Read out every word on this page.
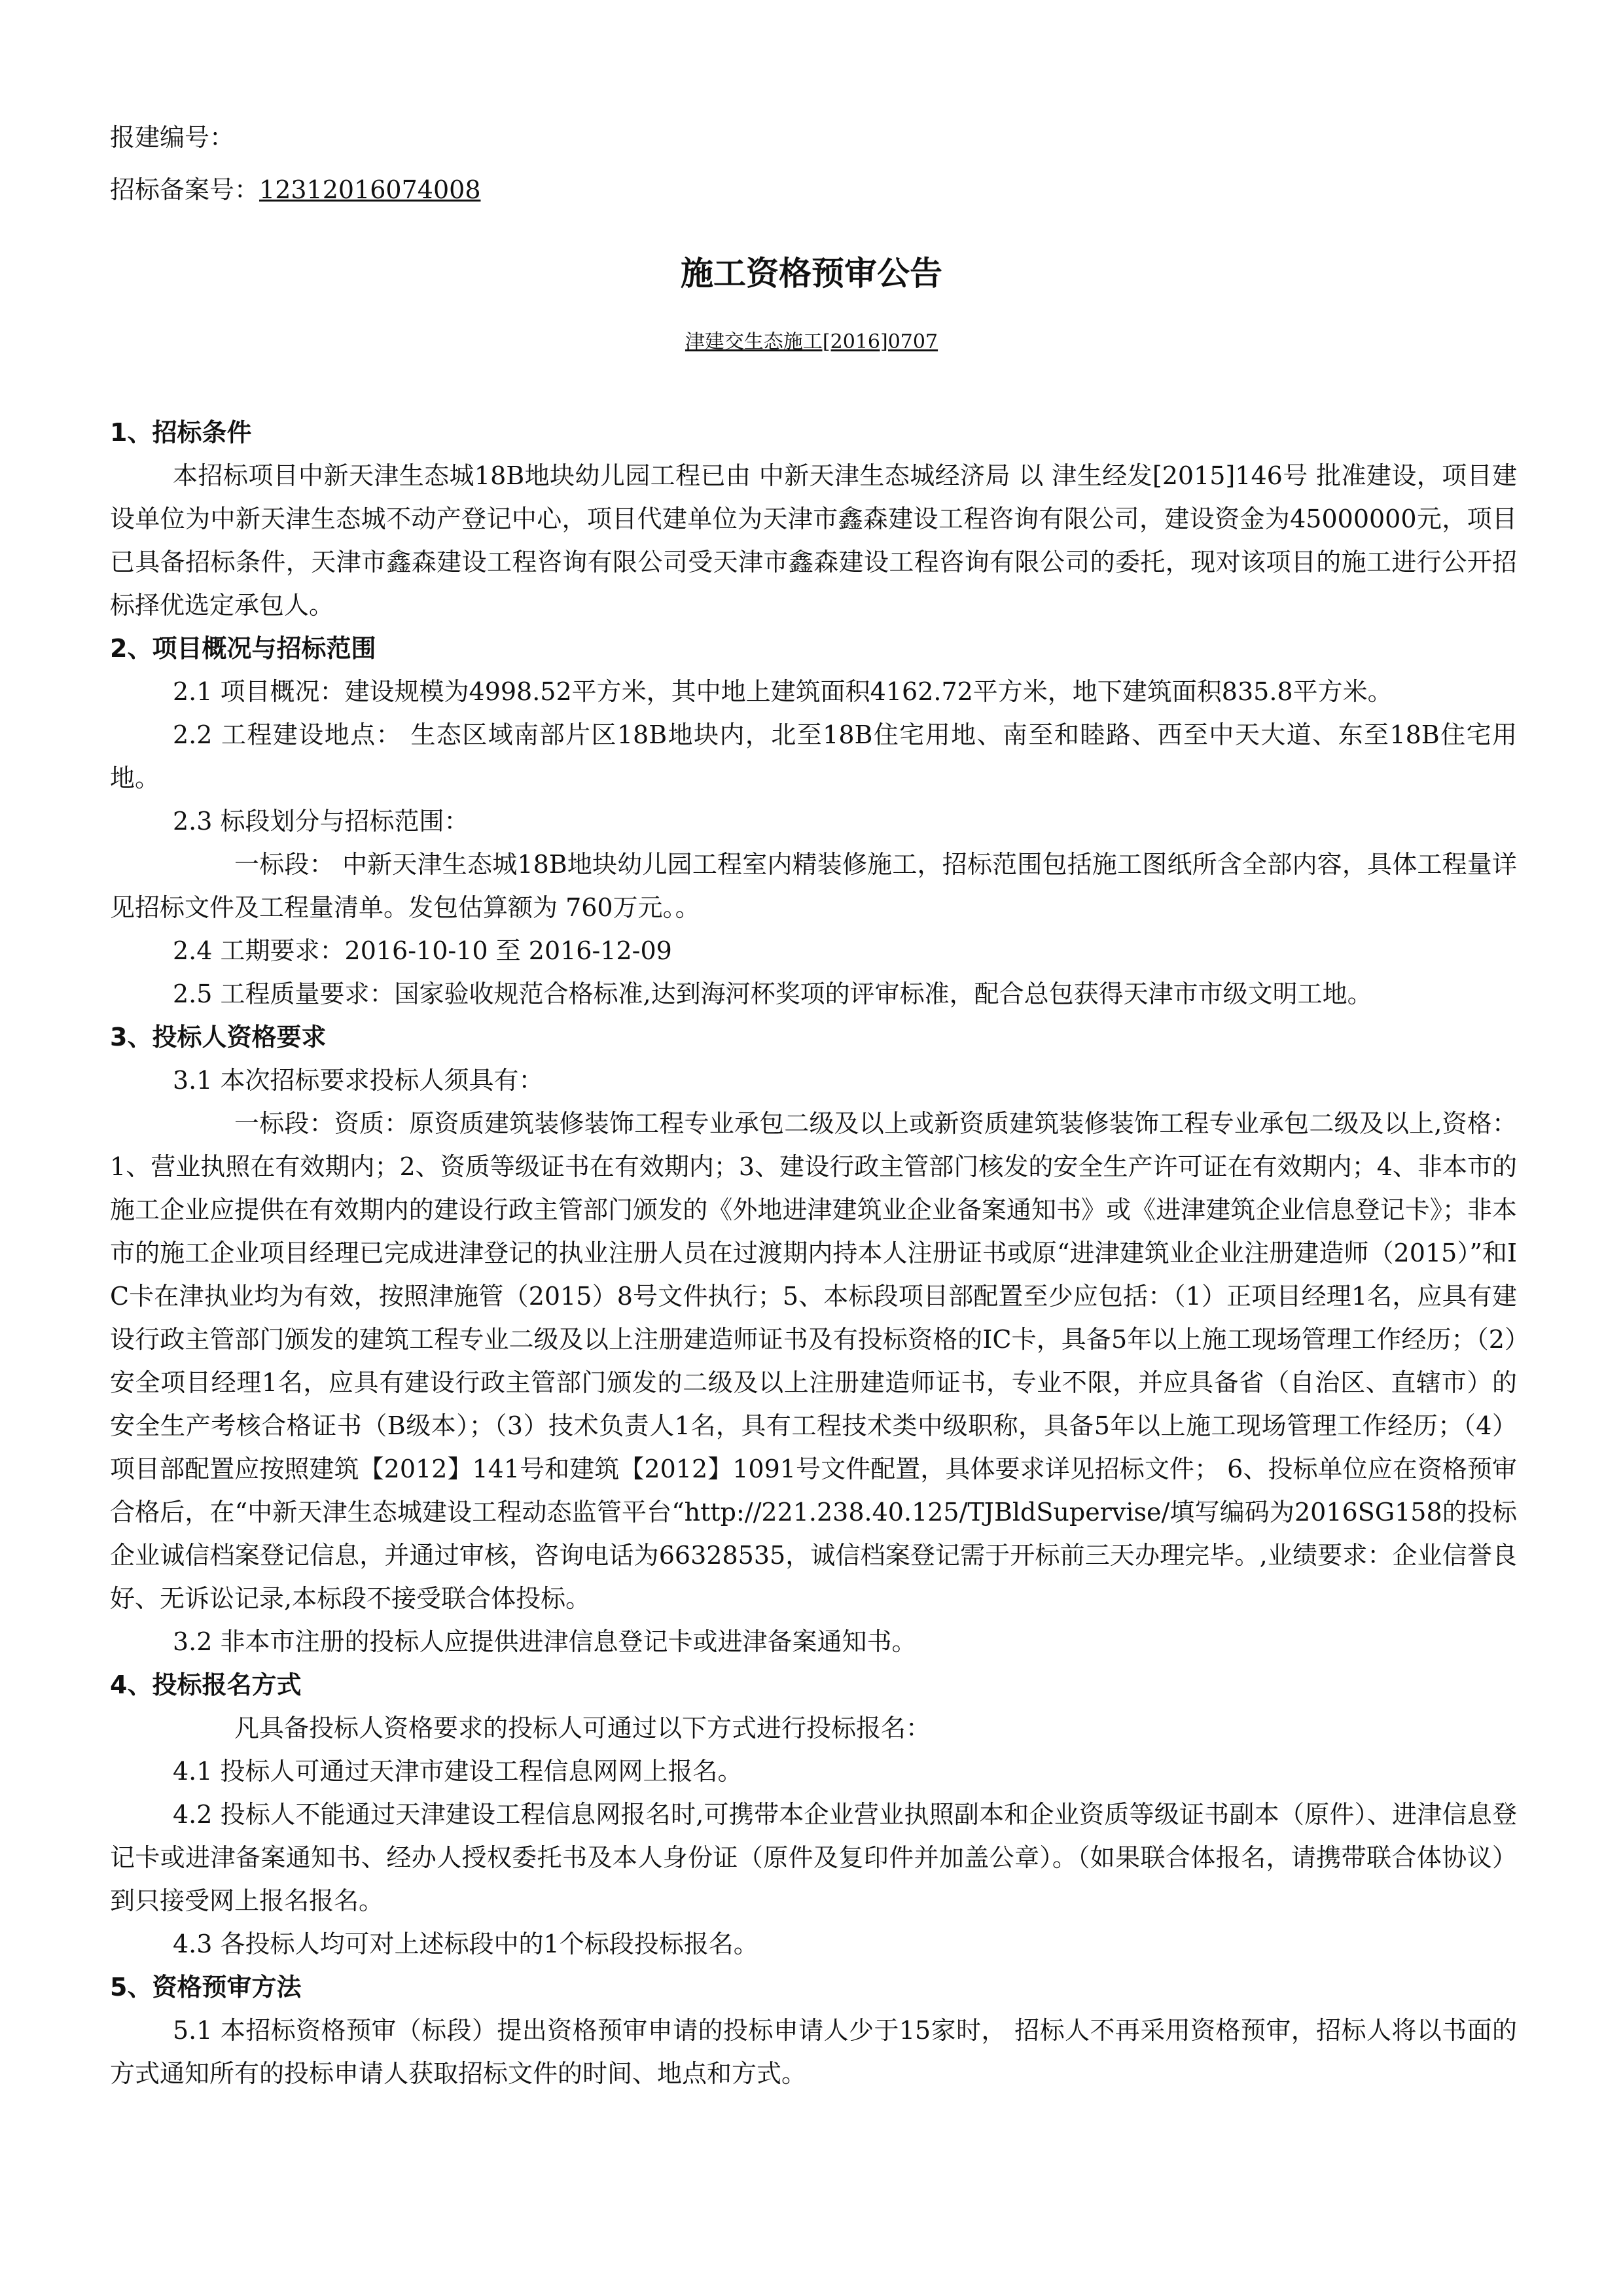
报建编号：
招标备案号：12312016074008
施工资格预审公告
津建交生态施工[2016]0707
1、招标条件
本招标项目中新天津生态城18B地块幼儿园工程已由 中新天津生态城经济局 以 津生经发[2015]146号 批准建设，项目建设单位为中新天津生态城不动产登记中心，项目代建单位为天津市鑫森建设工程咨询有限公司，建设资金为45000000元，项目已具备招标条件，天津市鑫森建设工程咨询有限公司受天津市鑫森建设工程咨询有限公司的委托，现对该项目的施工进行公开招标择优选定承包人。
2、项目概况与招标范围
2.1 项目概况：建设规模为4998.52平方米，其中地上建筑面积4162.72平方米，地下建筑面积835.8平方米。
2.2 工程建设地点： 生态区域南部片区18B地块内，北至18B住宅用地、南至和睦路、西至中天大道、东至18B住宅用地。
2.3 标段划分与招标范围：
一标段： 中新天津生态城18B地块幼儿园工程室内精装修施工，招标范围包括施工图纸所含全部内容，具体工程量详见招标文件及工程量清单。发包估算额为 760万元。。
2.4 工期要求：2016-10-10 至 2016-12-09
2.5 工程质量要求：国家验收规范合格标准,达到海河杯奖项的评审标准，配合总包获得天津市市级文明工地。
3、投标人资格要求
3.1 本次招标要求投标人须具有：
一标段：资质：原资质建筑装修装饰工程专业承包二级及以上或新资质建筑装修装饰工程专业承包二级及以上,资格：1、营业执照在有效期内；2、资质等级证书在有效期内；3、建设行政主管部门核发的安全生产许可证在有效期内；4、非本市的施工企业应提供在有效期内的建设行政主管部门颁发的《外地进津建筑业企业备案通知书》或《进津建筑企业信息登记卡》；非本市的施工企业项目经理已完成进津登记的执业注册人员在过渡期内持本人注册证书或原“进津建筑业企业注册建造师（2015）”和IC卡在津执业均为有效，按照津施管（2015）8号文件执行；5、本标段项目部配置至少应包括：（1）正项目经理1名，应具有建设行政主管部门颁发的建筑工程专业二级及以上注册建造师证书及有投标资格的IC卡，具备5年以上施工现场管理工作经历；（2）安全项目经理1名，应具有建设行政主管部门颁发的二级及以上注册建造师证书，专业不限，并应具备省（自治区、直辖市）的安全生产考核合格证书（B级本）；（3）技术负责人1名，具有工程技术类中级职称，具备5年以上施工现场管理工作经历；（4）项目部配置应按照建筑【2012】141号和建筑【2012】1091号文件配置，具体要求详见招标文件； 6、投标单位应在资格预审合格后，在“中新天津生态城建设工程动态监管平台“http://221.238.40.125/TJBldSupervise/填写编码为2016SG158的投标企业诚信档案登记信息，并通过审核，咨询电话为66328535，诚信档案登记需于开标前三天办理完毕。,业绩要求：企业信誉良好、无诉讼记录,本标段不接受联合体投标。
3.2 非本市注册的投标人应提供进津信息登记卡或进津备案通知书。
4、投标报名方式
凡具备投标人资格要求的投标人可通过以下方式进行投标报名：
4.1 投标人可通过天津市建设工程信息网网上报名。
4.2 投标人不能通过天津建设工程信息网报名时,可携带本企业营业执照副本和企业资质等级证书副本（原件）、进津信息登记卡或进津备案通知书、经办人授权委托书及本人身份证（原件及复印件并加盖公章）。（如果联合体报名，请携带联合体协议）到只接受网上报名报名。
4.3 各投标人均可对上述标段中的1个标段投标报名。
5、资格预审方法
5.1 本招标资格预审（标段）提出资格预审申请的投标申请人少于15家时， 招标人不再采用资格预审，招标人将以书面的方式通知所有的投标申请人获取招标文件的时间、地点和方式。
